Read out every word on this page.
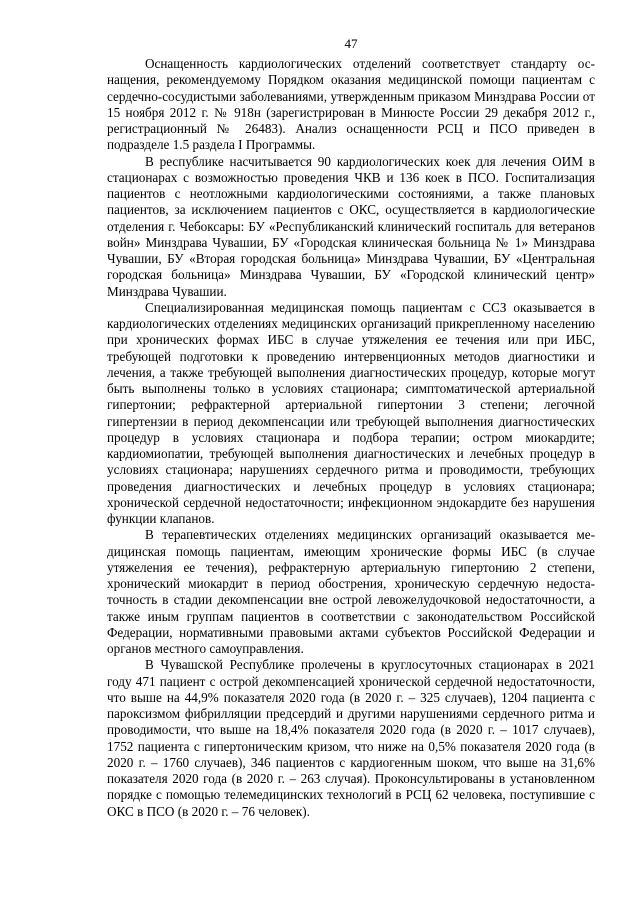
47

Оснащенность кардиологических отделений соответствует стандарту оснащения, рекомендуемому Порядком оказания медицинской помощи пациентам с сердечно-сосудистыми заболеваниями, утвержденным приказом Минздрава России от 15 ноября 2012 г. № 918н (зарегистрирован в Минюсте России 29 декабря 2012 г., регистрационный № 26483). Анализ оснащенности РСЦ и ПСО приведен в подразделе 1.5 раздела I Программы.

В республике насчитывается 90 кардиологических коек для лечения ОИМ в стационарах с возможностью проведения ЧКВ и 136 коек в ПСО. Госпитализация пациентов с неотложными кардиологическими состояниями, а также плановых пациентов, за исключением пациентов с ОКС, осуществляется в кардиологические отделения г. Чебоксары: БУ «Республиканский клинический госпиталь для ветеранов войн» Минздрава Чувашии, БУ «Городская клиническая больница № 1» Минздрава Чувашии, БУ «Вторая городская больница» Минздрава Чувашии, БУ «Центральная городская больница» Минздрава Чувашии, БУ «Городской клинический центр» Минздрава Чувашии.

Специализированная медицинская помощь пациентам с ССЗ оказывается в кардиологических отделениях медицинских организаций прикрепленному населению при хронических формах ИБС в случае утяжеления ее течения или при ИБС, требующей подготовки к проведению интервенционных методов диагностики и лечения, а также требующей выполнения диагностических процедур, которые могут быть выполнены только в условиях стационара; симптоматической артериальной гипертонии; рефрактерной артериальной гипертонии 3 степени; легочной гипертензии в период декомпенсации или требующей выполнения диагностических процедур в условиях стационара и подбора терапии; остром миокардите; кардиомиопатии, требующей выполнения диагностических и лечебных процедур в условиях стационара; нарушениях сердечного ритма и проводимости, требующих проведения диагностических и лечебных процедур в условиях стационара; хронической сердечной недостаточности; инфекционном эндокардите без нарушения функции клапанов.

В терапевтических отделениях медицинских организаций оказывается медицинская помощь пациентам, имеющим хронические формы ИБС (в случае утяжеления ее течения), рефрактерную артериальную гипертонию 2 степени, хронический миокардит в период обострения, хроническую сердечную недостаточность в стадии декомпенсации вне острой левожелудочковой недостаточности, а также иным группам пациентов в соответствии с законодательством Российской Федерации, нормативными правовыми актами субъектов Российской Федерации и органов местного самоуправления.

В Чувашской Республике пролечены в круглосуточных стационарах в 2021 году 471 пациент с острой декомпенсацией хронической сердечной недостаточности, что выше на 44,9% показателя 2020 года (в 2020 г. – 325 случаев), 1204 пациента с пароксизмом фибрилляции предсердий и другими нарушениями сердечного ритма и проводимости, что выше на 18,4% показателя 2020 года (в 2020 г. – 1017 случаев), 1752 пациента с гипертоническим кризом, что ниже на 0,5% показателя 2020 года (в 2020 г. – 1760 случаев), 346 пациентов с кардиогенным шоком, что выше на 31,6% показателя 2020 года (в 2020 г. – 263 случая). Проконсультированы в установленном порядке с помощью телемедицинских технологий в РСЦ 62 человека, поступившие с ОКС в ПСО (в 2020 г. – 76 человек).
